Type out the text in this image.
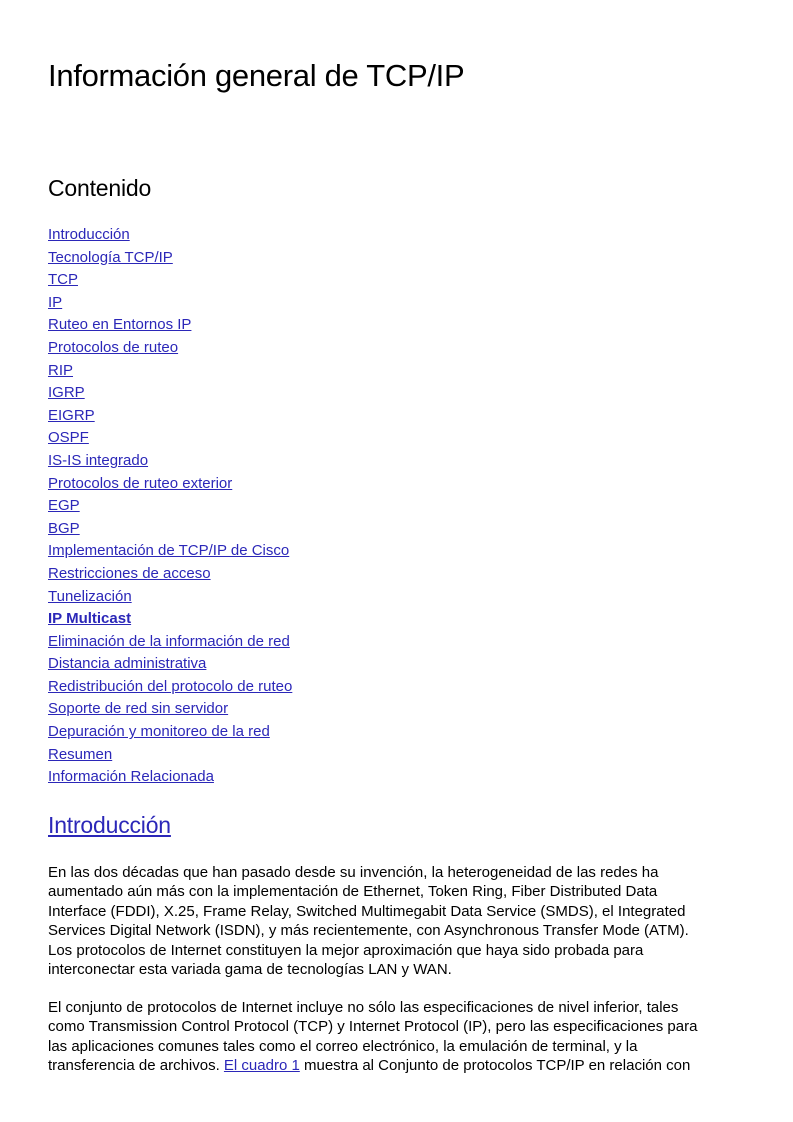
Información general de TCP/IP
Contenido
Introducción
Tecnología TCP/IP
TCP
IP
Ruteo en Entornos IP
Protocolos de ruteo
RIP
IGRP
EIGRP
OSPF
IS-IS integrado
Protocolos de ruteo exterior
EGP
BGP
Implementación de TCP/IP de Cisco
Restricciones de acceso
Tunelización
IP Multicast
Eliminación de la información de red
Distancia administrativa
Redistribución del protocolo de ruteo
Soporte de red sin servidor
Depuración y monitoreo de la red
Resumen
Información Relacionada
Introducción

En las dos décadas que han pasado desde su invención, la heterogeneidad de las redes ha
aumentado aún más con la implementación de Ethernet, Token Ring, Fiber Distributed Data
Interface (FDDI), X.25, Frame Relay, Switched Multimegabit Data Service (SMDS), el Integrated
Services Digital Network (ISDN), y más recientemente, con Asynchronous Transfer Mode (ATM).
Los protocolos de Internet constituyen la mejor aproximación que haya sido probada para
interconectar esta variada gama de tecnologías LAN y WAN.

El conjunto de protocolos de Internet incluye no sólo las especificaciones de nivel inferior, tales
como Transmission Control Protocol (TCP) y Internet Protocol (IP), pero las especificaciones para
las aplicaciones comunes tales como el correo electrónico, la emulación de terminal, y la
transferencia de archivos. El cuadro 1 muestra al Conjunto de protocolos TCP/IP en relación con
